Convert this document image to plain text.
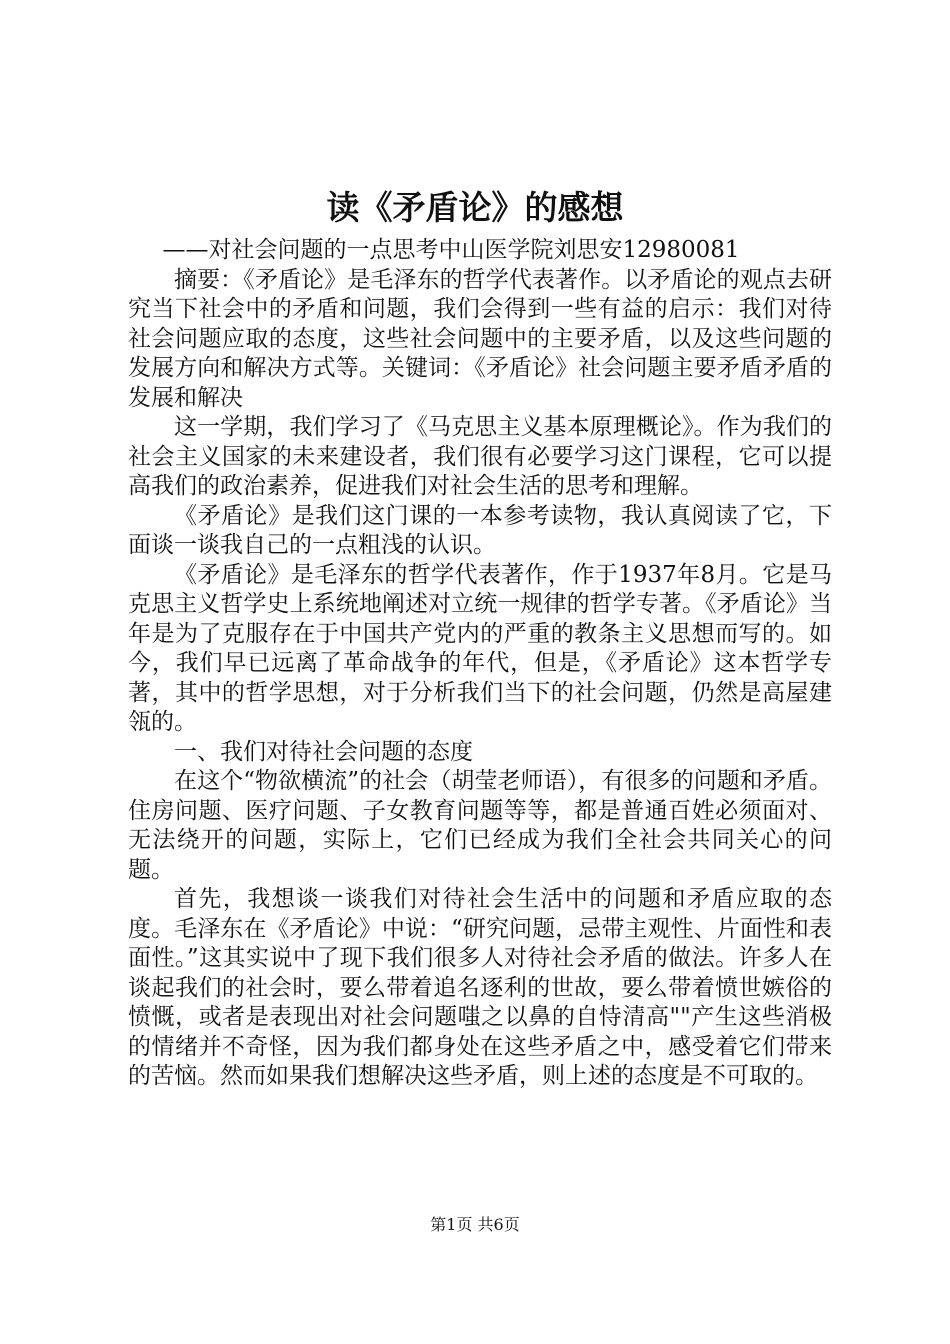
读《矛盾论》的感想

——对社会问题的一点思考中山医学院刘思安12980081

摘要：《矛盾论》是毛泽东的哲学代表著作。以矛盾论的观点去研究当下社会中的矛盾和问题，我们会得到一些有益的启示：我们对待社会问题应取的态度，这些社会问题中的主要矛盾，以及这些问题的发展方向和解决方式等。关键词：《矛盾论》社会问题主要矛盾矛盾的发展和解决

这一学期，我们学习了《马克思主义基本原理概论》。作为我们的社会主义国家的未来建设者，我们很有必要学习这门课程，它可以提高我们的政治素养，促进我们对社会生活的思考和理解。

《矛盾论》是我们这门课的一本参考读物，我认真阅读了它，下面谈一谈我自己的一点粗浅的认识。

《矛盾论》是毛泽东的哲学代表著作，作于1937年8月。它是马克思主义哲学史上系统地阐述对立统一规律的哲学专著。《矛盾论》当年是为了克服存在于中国共产党内的严重的教条主义思想而写的。如今，我们早已远离了革命战争的年代，但是，《矛盾论》这本哲学专著，其中的哲学思想，对于分析我们当下的社会问题，仍然是高屋建瓴的。

一、我们对待社会问题的态度

在这个“物欲横流”的社会（胡莹老师语），有很多的问题和矛盾。住房问题、医疗问题、子女教育问题等等，都是普通百姓必须面对、无法绕开的问题，实际上，它们已经成为我们全社会共同关心的问题。

首先，我想谈一谈我们对待社会生活中的问题和矛盾应取的态度。毛泽东在《矛盾论》中说：“研究问题，忌带主观性、片面性和表面性。”这其实说中了现下我们很多人对待社会矛盾的做法。许多人在谈起我们的社会时，要么带着追名逐利的世故，要么带着愤世嫉俗的愤慨，或者是表现出对社会问题嗤之以鼻的自恃清高""产生这些消极的情绪并不奇怪，因为我们都身处在这些矛盾之中，感受着它们带来的苦恼。然而如果我们想解决这些矛盾，则上述的态度是不可取的。

第1页 共6页
